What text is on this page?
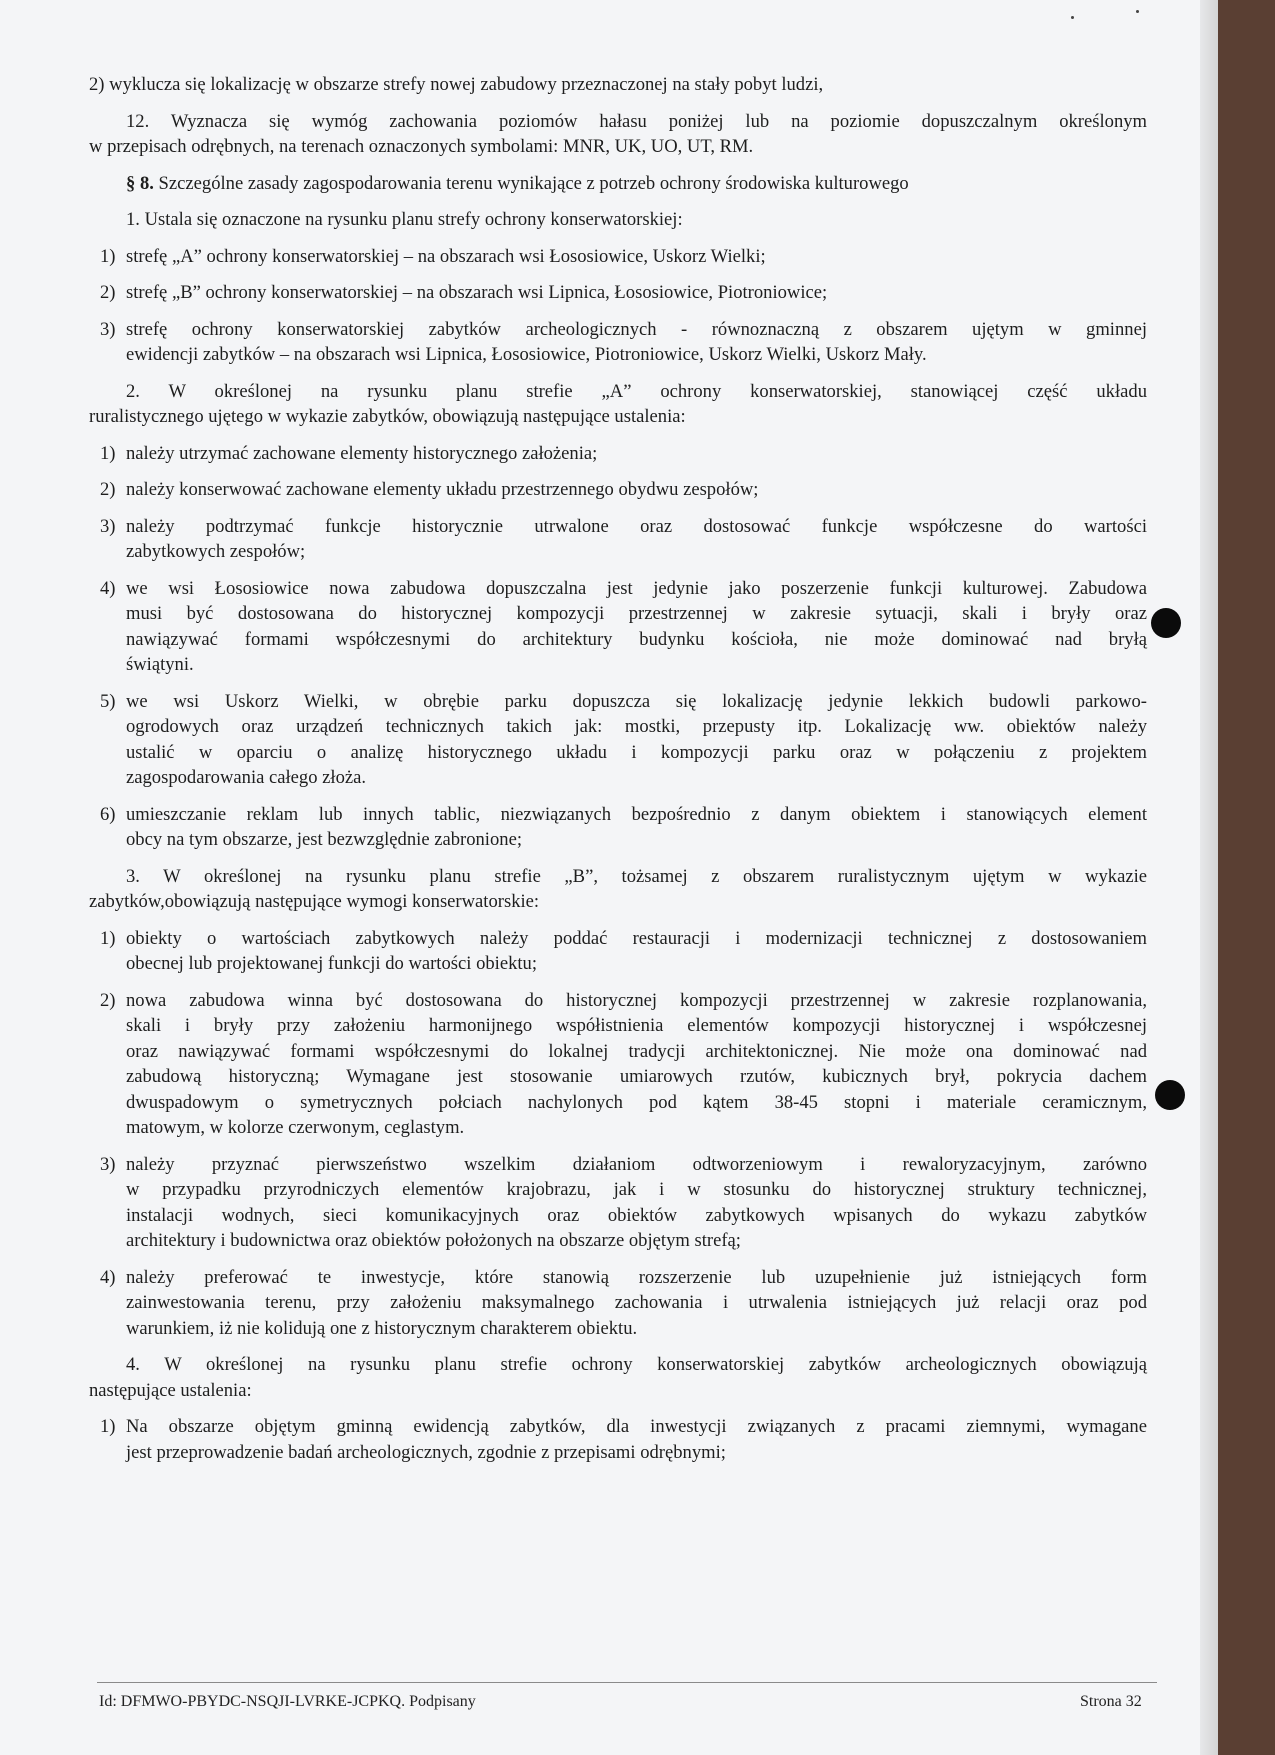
2) wyklucza się lokalizację w obszarze strefy nowej zabudowy przeznaczonej na stały pobyt ludzi,
12. Wyznacza się wymóg zachowania poziomów hałasu poniżej lub na poziomie dopuszczalnym określonym
w przepisach odrębnych, na terenach oznaczonych symbolami: MNR, UK, UO, UT, RM.
§ 8. Szczególne zasady zagospodarowania terenu wynikające z potrzeb ochrony środowiska kulturowego
1. Ustala się oznaczone na rysunku planu strefy ochrony konserwatorskiej:
1) strefę „A” ochrony konserwatorskiej – na obszarach wsi Łososiowice, Uskorz Wielki;
2) strefę „B” ochrony konserwatorskiej – na obszarach wsi Lipnica, Łososiowice, Piotroniowice;
3) strefę ochrony konserwatorskiej zabytków archeologicznych - równoznaczną z obszarem ujętym w gminnej
ewidencji zabytków – na obszarach wsi Lipnica, Łososiowice, Piotroniowice, Uskorz Wielki, Uskorz Mały.
2. W określonej na rysunku planu strefie „A” ochrony konserwatorskiej, stanowiącej część układu
ruralistycznego ujętego w wykazie zabytków, obowiązują następujące ustalenia:
1) należy utrzymać zachowane elementy historycznego założenia;
2) należy konserwować zachowane elementy układu przestrzennego obydwu zespołów;
3) należy podtrzymać funkcje historycznie utrwalone oraz dostosować funkcje współczesne do wartości
zabytkowych zespołów;
4) we wsi Łososiowice nowa zabudowa dopuszczalna jest jedynie jako poszerzenie funkcji kulturowej. Zabudowa
musi być dostosowana do historycznej kompozycji przestrzennej w zakresie sytuacji, skali i bryły oraz
nawiązywać formami współczesnymi do architektury budynku kościoła, nie może dominować nad bryłą
świątyni.
5) we wsi Uskorz Wielki, w obrębie parku dopuszcza się lokalizację jedynie lekkich budowli parkowo-
ogrodowych oraz urządzeń technicznych takich jak: mostki, przepusty itp. Lokalizację ww. obiektów należy
ustalić w oparciu o analizę historycznego układu i kompozycji parku oraz w połączeniu z projektem
zagospodarowania całego złoża.
6) umieszczanie reklam lub innych tablic, niezwiązanych bezpośrednio z danym obiektem i stanowiących element
obcy na tym obszarze, jest bezwzględnie zabronione;
3. W określonej na rysunku planu strefie „B”, tożsamej z obszarem ruralistycznym ujętym w wykazie
zabytków,obowiązują następujące wymogi konserwatorskie:
1) obiekty o wartościach zabytkowych należy poddać restauracji i modernizacji technicznej z dostosowaniem
obecnej lub projektowanej funkcji do wartości obiektu;
2) nowa zabudowa winna być dostosowana do historycznej kompozycji przestrzennej w zakresie rozplanowania,
skali i bryły przy założeniu harmonijnego współistnienia elementów kompozycji historycznej i współczesnej
oraz nawiązywać formami współczesnymi do lokalnej tradycji architektonicznej. Nie może ona dominować nad
zabudową historyczną; Wymagane jest stosowanie umiarowych rzutów, kubicznych brył, pokrycia dachem
dwuspadowym o symetrycznych połciach nachylonych pod kątem 38-45 stopni i materiale ceramicznym,
matowym, w kolorze czerwonym, ceglastym.
3) należy przyznać pierwszeństwo wszelkim działaniom odtworzeniowym i rewaloryzacyjnym, zarówno
w przypadku przyrodniczych elementów krajobrazu, jak i w stosunku do historycznej struktury technicznej,
instalacji wodnych, sieci komunikacyjnych oraz obiektów zabytkowych wpisanych do wykazu zabytków
architektury i budownictwa oraz obiektów położonych na obszarze objętym strefą;
4) należy preferować te inwestycje, które stanowią rozszerzenie lub uzupełnienie już istniejących form
zainwestowania terenu, przy założeniu maksymalnego zachowania i utrwalenia istniejących już relacji oraz pod
warunkiem, iż nie kolidują one z historycznym charakterem obiektu.
4. W określonej na rysunku planu strefie ochrony konserwatorskiej zabytków archeologicznych obowiązują
następujące ustalenia:
1) Na obszarze objętym gminną ewidencją zabytków, dla inwestycji związanych z pracami ziemnymi, wymagane
jest przeprowadzenie badań archeologicznych, zgodnie z przepisami odrębnymi;
Id: DFMWO-PBYDC-NSQJI-LVRKE-JCPKQ. Podpisany	Strona 32
